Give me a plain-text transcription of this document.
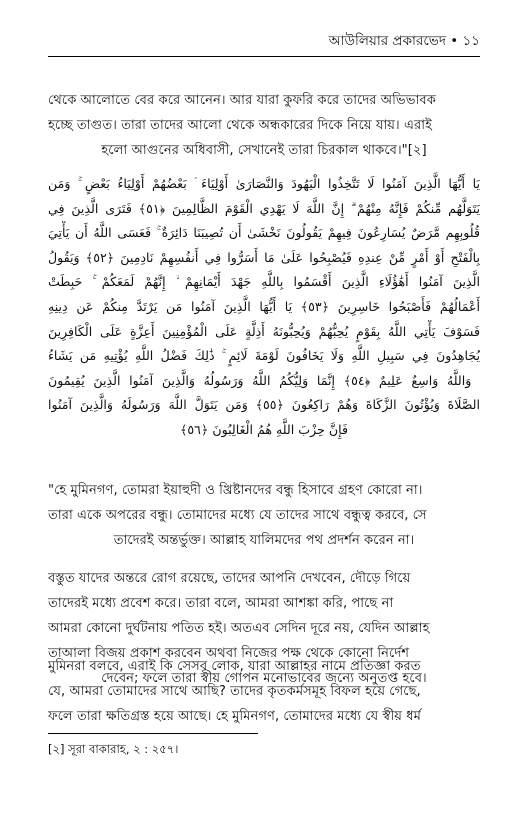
আউলিয়ার প্রকারভেদ • ১১

থেকে আলোতে বের করে আনেন। আর যারা কুফরি করে তাদের অভিভাবক
হচ্ছে তাগুত। তারা তাদের আলো থেকে অন্ধকারের দিকে নিয়ে যায়। এরাই
হলো আগুনের অধিবাসী, সেখানেই তারা চিরকাল থাকবে।"[২]

يَا أَيُّهَا الَّذِينَ آمَنُوا لَا تَتَّخِذُوا الْيَهُودَ وَالنَّصَارَىٰ أَوْلِيَاءَ ۘ بَعْضُهُمْ أَوْلِيَاءُ بَعْضٍ ۚ وَمَن
يَتَوَلَّهُم مِّنكُمْ فَإِنَّهُ مِنْهُمْ ۗ إِنَّ اللَّهَ لَا يَهْدِي الْقَوْمَ الظَّالِمِينَ ﴿٥١﴾ فَتَرَى الَّذِينَ فِي
قُلُوبِهِم مَّرَضٌ يُسَارِعُونَ فِيهِمْ يَقُولُونَ نَخْشَىٰ أَن تُصِيبَنَا دَائِرَةٌ ۚ فَعَسَى اللَّهُ أَن يَأْتِيَ
بِالْفَتْحِ أَوْ أَمْرٍ مِّنْ عِندِهِ فَيُصْبِحُوا عَلَىٰ مَا أَسَرُّوا فِي أَنفُسِهِمْ نَادِمِينَ ﴿٥٢﴾ وَيَقُولُ
الَّذِينَ آمَنُوا أَهَٰؤُلَاءِ الَّذِينَ أَقْسَمُوا بِاللَّهِ جَهْدَ أَيْمَانِهِمْ ۙ إِنَّهُمْ لَمَعَكُمْ ۚ حَبِطَتْ
أَعْمَالُهُمْ فَأَصْبَحُوا خَاسِرِينَ ﴿٥٣﴾ يَا أَيُّهَا الَّذِينَ آمَنُوا مَن يَرْتَدَّ مِنكُمْ عَن دِينِهِ
فَسَوْفَ يَأْتِي اللَّهُ بِقَوْمٍ يُحِبُّهُمْ وَيُحِبُّونَهُ أَذِلَّةٍ عَلَى الْمُؤْمِنِينَ أَعِزَّةٍ عَلَى الْكَافِرِينَ
يُجَاهِدُونَ فِي سَبِيلِ اللَّهِ وَلَا يَخَافُونَ لَوْمَةَ لَائِمٍ ۚ ذَٰلِكَ فَضْلُ اللَّهِ يُؤْتِيهِ مَن يَشَاءُ
ۚ وَاللَّهُ وَاسِعٌ عَلِيمٌ ﴿٥٤﴾ إِنَّمَا وَلِيُّكُمُ اللَّهُ وَرَسُولُهُ وَالَّذِينَ آمَنُوا الَّذِينَ يُقِيمُونَ
الصَّلَاةَ وَيُؤْتُونَ الزَّكَاةَ وَهُمْ رَاكِعُونَ ﴿٥٥﴾ وَمَن يَتَوَلَّ اللَّهَ وَرَسُولَهُ وَالَّذِينَ آمَنُوا
فَإِنَّ حِزْبَ اللَّهِ هُمُ الْغَالِبُونَ ﴿٥٦﴾

"হে মুমিনগণ, তোমরা ইয়াহুদী ও খ্রিষ্টানদের বন্ধু হিসাবে গ্রহণ কোরো না।
তারা একে অপরের বন্ধু। তোমাদের মধ্যে যে তাদের সাথে বন্ধুত্ব করবে, সে
তাদেরই অন্তর্ভুক্ত। আল্লাহ যালিমদের পথ প্রদর্শন করেন না।

বস্তুত যাদের অন্তরে রোগ রয়েছে, তাদের আপনি দেখবেন, দৌড়ে গিয়ে
তাদেরই মধ্যে প্রবেশ করে। তারা বলে, আমরা আশঙ্কা করি, পাছে না
আমরা কোনো দুর্ঘটনায় পতিত হই। অতএব সেদিন দূরে নয়, যেদিন আল্লাহ
তাআলা বিজয় প্রকাশ করবেন অথবা নিজের পক্ষ থেকে কোনো নির্দেশ
দেবেন; ফলে তারা স্বীয় গোপন মনোভাবের জন্যে অনুতপ্ত হবে।

মুমিনরা বলবে, এরাই কি সেসব লোক, যারা আল্লাহর নামে প্রতিজ্ঞা করত
যে, আমরা তোমাদের সাথে আছি? তাদের কৃতকর্মসমূহ বিফল হয়ে গেছে,
ফলে তারা ক্ষতিগ্রস্ত হয়ে আছে। হে মুমিনগণ, তোমাদের মধ্যে যে স্বীয় ধর্ম

[২] সূরা বাকারাহ, ২ : ২৫৭।
